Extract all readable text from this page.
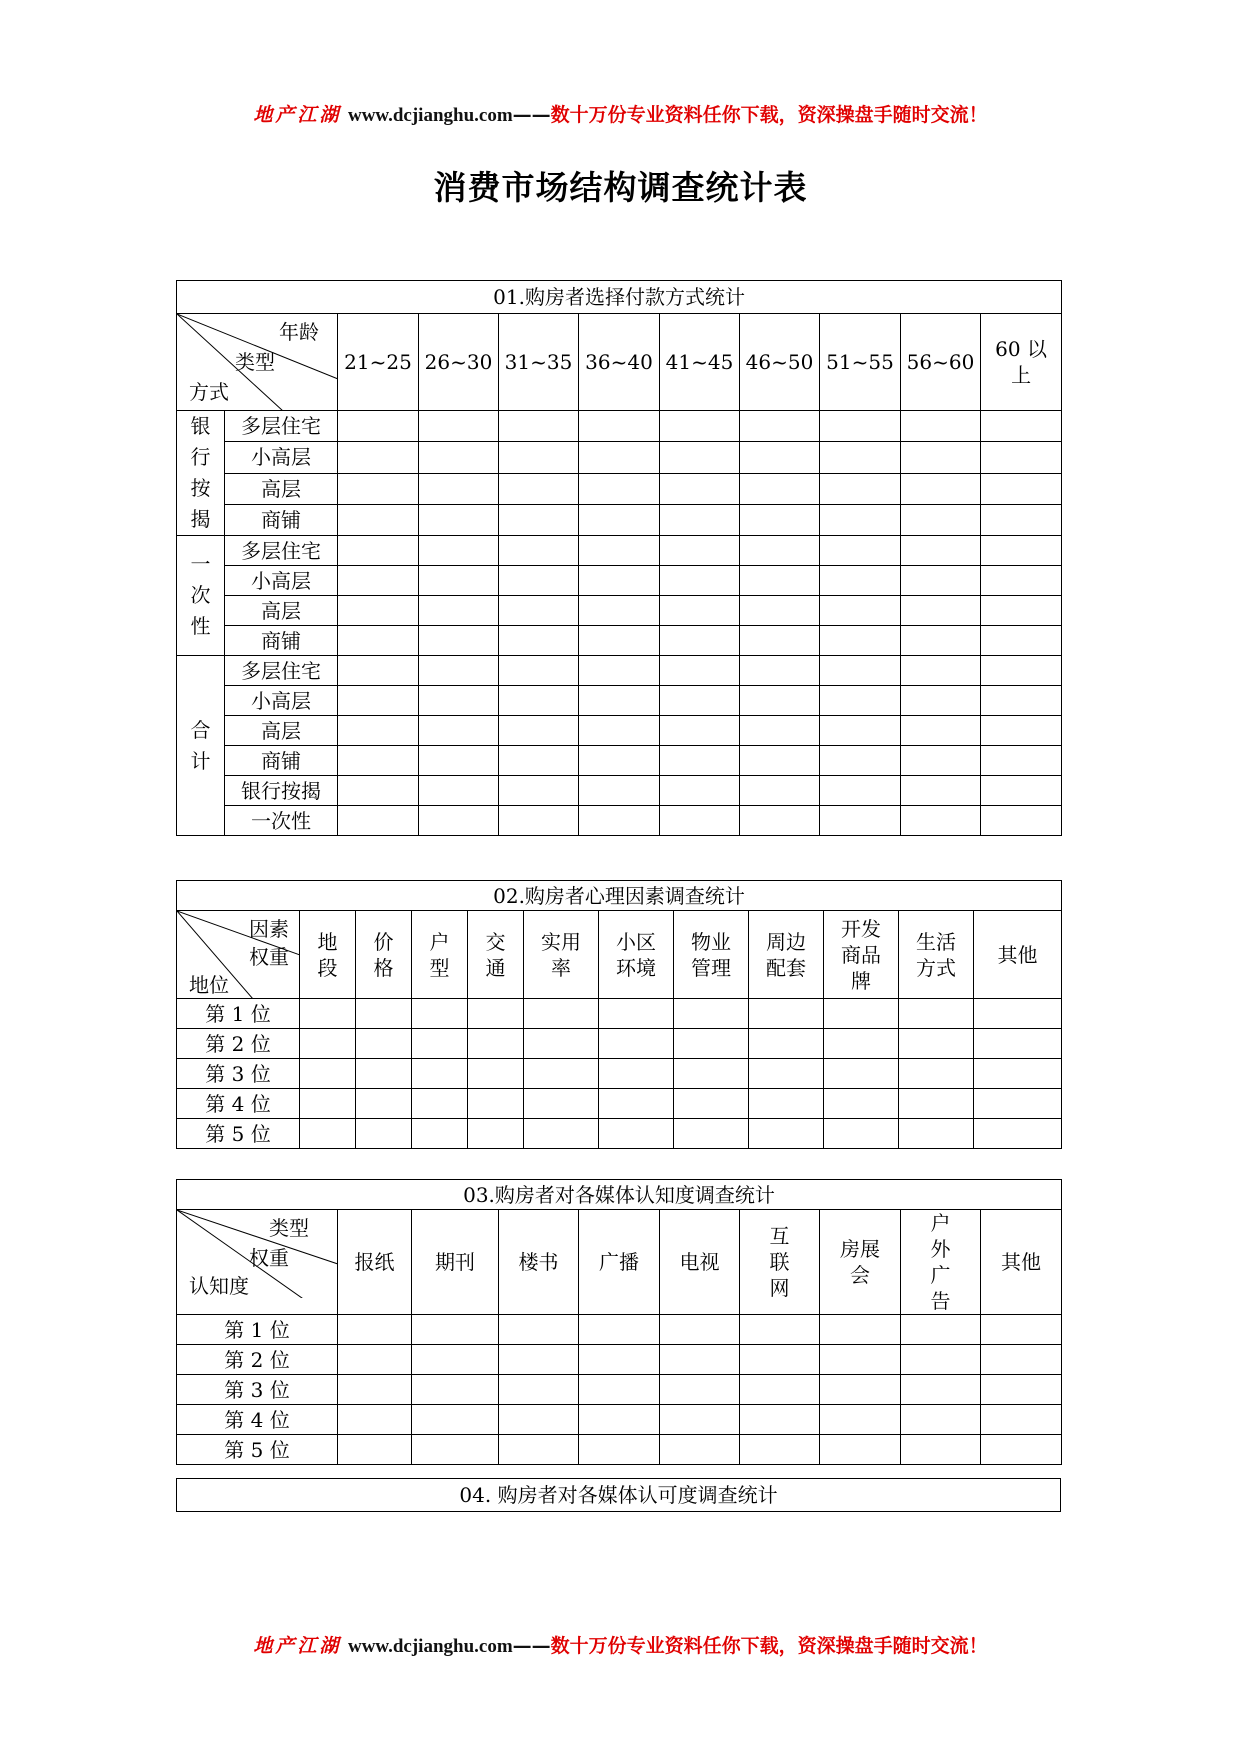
地产江湖 www.dcjianghu.com——数十万份专业资料任你下载，资深操盘手随时交流！
消费市场结构调查统计表
01.购房者选择付款方式统计										

年龄
类型
方式		21~25	26~30	31~35	36~40	41~45	46~50	51~55	56~60	60 以上

银行按揭	多层住宅									
	小高层									
	高层									
	商铺									

一次性	多层住宅									
	小高层									
	高层									
	商铺									

合计	多层住宅									
	小高层									
	高层									
	商铺									
	银行按揭									
	一次性									
02.购房者心理因素调查统计											

因素
权重
地位	地段	价格	户型	交通	实用率	小区环境	物业管理	周边配套	开发商品牌	生活方式	其他
第 1 位											
第 2 位											
第 3 位											
第 4 位											
第 5 位											
03.购房者对各媒体认知度调查统计									

类型
权重
认知度	报纸	期刊	楼书	广播	电视	互联网	房展会	户外广告	其他
第 1 位									
第 2 位									
第 3 位									
第 4 位									
第 5 位									
04. 购房者对各媒体认可度调查统计
地产江湖 www.dcjianghu.com——数十万份专业资料任你下载，资深操盘手随时交流！
